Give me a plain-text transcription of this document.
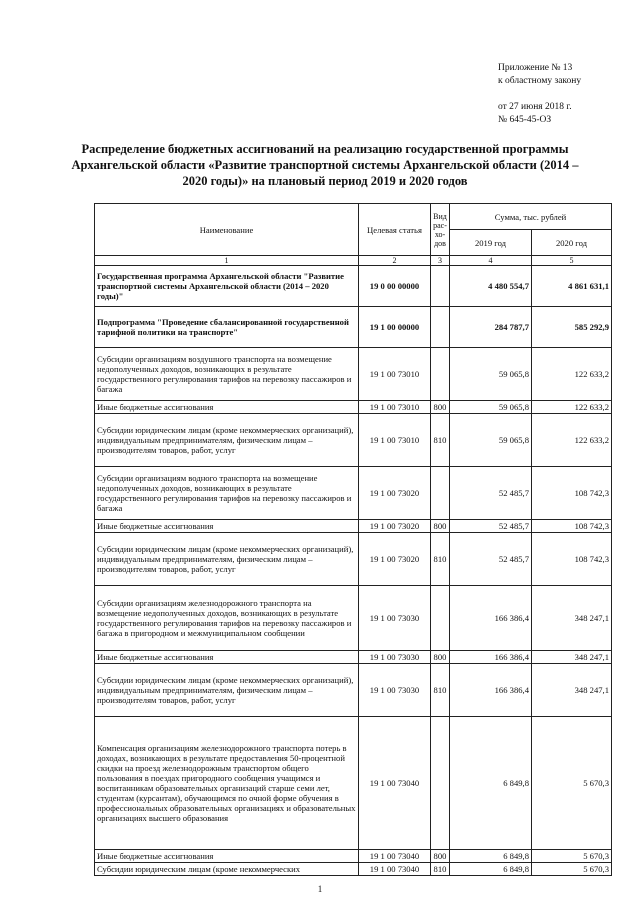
Приложение № 13
к областному закону
от 27 июня 2018 г.
№ 645-45-ОЗ
Распределение бюджетных ассигнований на реализацию государственной программы Архангельской области «Развитие транспортной системы Архангельской области (2014 – 2020 годы)» на плановый период 2019 и 2020 годов
Наименование	Целевая статья	Вид рас- хо- дов	Сумма, тыс. рублей	
			2019 год	2020 год
1	2	3	4	5
Государственная программа Архангельской области "Развитие транспортной системы Архангельской области (2014 – 2020 годы)"	19 0 00 00000		4 480 554,7	4 861 631,1
Подпрограмма "Проведение сбалансированной государственной тарифной политики на транспорте"	19 1 00 00000		284 787,7	585 292,9
Субсидии организациям воздушного транспорта на возмещение недополученных доходов, возникающих в результате государственного регулирования тарифов на перевозку пассажиров и багажа	19 1 00 73010		59 065,8	122 633,2
Иные бюджетные ассигнования	19 1 00 73010	800	59 065,8	122 633,2
Субсидии юридическим лицам (кроме некоммерческих организаций), индивидуальным предпринимателям, физическим лицам – производителям товаров, работ, услуг	19 1 00 73010	810	59 065,8	122 633,2
Субсидии организациям водного транспорта на возмещение недополученных доходов, возникающих в результате государственного регулирования тарифов на перевозку пассажиров и багажа	19 1 00 73020		52 485,7	108 742,3
Иные бюджетные ассигнования	19 1 00 73020	800	52 485,7	108 742,3
Субсидии юридическим лицам (кроме некоммерческих организаций), индивидуальным предпринимателям, физическим лицам – производителям товаров, работ, услуг	19 1 00 73020	810	52 485,7	108 742,3
Субсидии организациям железнодорожного транспорта на возмещение недополученных доходов, возникающих в результате государственного регулирования тарифов на перевозку пассажиров и багажа в пригородном и межмуниципальном сообщении	19 1 00 73030		166 386,4	348 247,1
Иные бюджетные ассигнования	19 1 00 73030	800	166 386,4	348 247,1
Субсидии юридическим лицам (кроме некоммерческих организаций), индивидуальным предпринимателям, физическим лицам – производителям товаров, работ, услуг	19 1 00 73030	810	166 386,4	348 247,1
Компенсация организациям железнодорожного транспорта потерь в доходах, возникающих в результате предоставления 50-процентной скидки на проезд железнодорожным транспортом общего пользования в поездах пригородного сообщения учащимся и воспитанникам образовательных организаций старше семи лет, студентам (курсантам), обучающимся по очной форме обучения в профессиональных образовательных организациях и образовательных организациях высшего образования	19 1 00 73040		6 849,8	5 670,3
Иные бюджетные ассигнования	19 1 00 73040	800	6 849,8	5 670,3
Субсидии юридическим лицам (кроме некоммерческих	19 1 00 73040	810	6 849,8	5 670,3
1
